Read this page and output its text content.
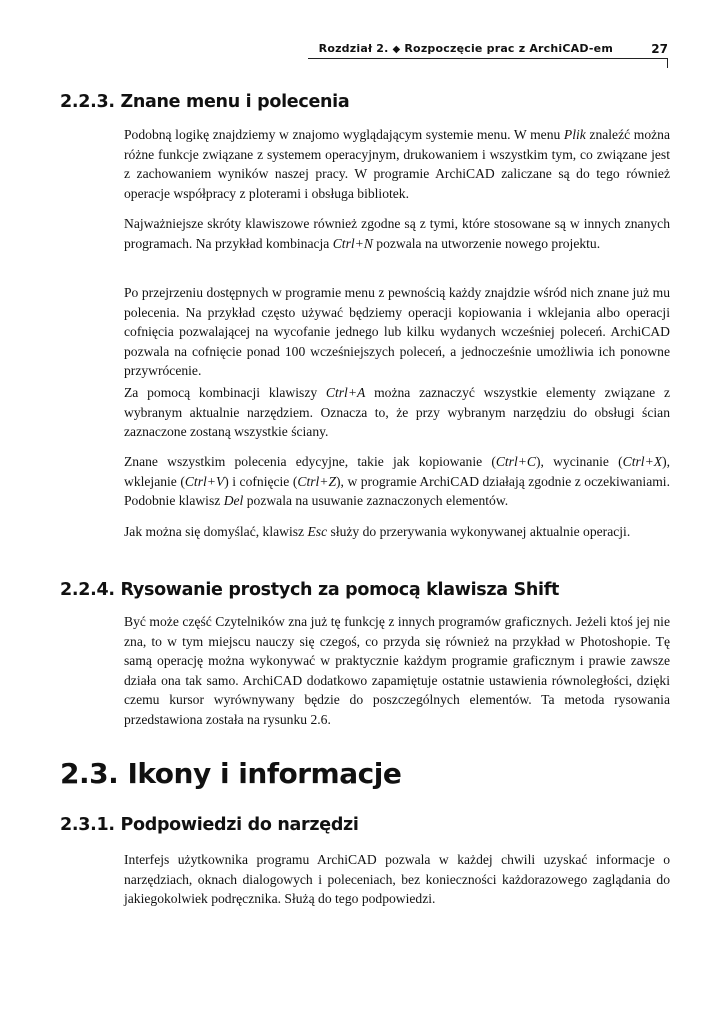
Rozdział 2. ◆ Rozpoczęcie prac z ArchiCAD-em	27
2.2.3. Znane menu i polecenia
Podobną logikę znajdziemy w znajomo wyglądającym systemie menu. W menu Plik znaleźć można różne funkcje związane z systemem operacyjnym, drukowaniem i wszystkim tym, co związane jest z zachowaniem wyników naszej pracy. W programie ArchiCAD zaliczane są do tego również operacje współpracy z ploterami i obsługa bibliotek.
Najważniejsze skróty klawiszowe również zgodne są z tymi, które stosowane są w innych znanych programach. Na przykład kombinacja Ctrl+N pozwala na utworzenie nowego projektu.
Po przejrzeniu dostępnych w programie menu z pewnością każdy znajdzie wśród nich znane już mu polecenia. Na przykład często używać będziemy operacji kopiowania i wklejania albo operacji cofnięcia pozwalającej na wycofanie jednego lub kilku wydanych wcześniej poleceń. ArchiCAD pozwala na cofnięcie ponad 100 wcześniejszych poleceń, a jednocześnie umożliwia ich ponowne przywrócenie.
Za pomocą kombinacji klawiszy Ctrl+A można zaznaczyć wszystkie elementy związane z wybranym aktualnie narzędziem. Oznacza to, że przy wybranym narzędziu do obsługi ścian zaznaczone zostaną wszystkie ściany.
Znane wszystkim polecenia edycyjne, takie jak kopiowanie (Ctrl+C), wycinanie (Ctrl+X), wklejanie (Ctrl+V) i cofnięcie (Ctrl+Z), w programie ArchiCAD działają zgodnie z oczekiwaniami. Podobnie klawisz Del pozwala na usuwanie zaznaczonych elementów.
Jak można się domyślać, klawisz Esc służy do przerywania wykonywanej aktualnie operacji.
2.2.4. Rysowanie prostych za pomocą klawisza Shift
Być może część Czytelników zna już tę funkcję z innych programów graficznych. Jeżeli ktoś jej nie zna, to w tym miejscu nauczy się czegoś, co przyda się również na przykład w Photoshopie. Tę samą operację można wykonywać w praktycznie każdym programie graficznym i prawie zawsze działa ona tak samo. ArchiCAD dodatkowo zapamiętuje ostatnie ustawienia równoległości, dzięki czemu kursor wyrównywany będzie do poszczególnych elementów. Ta metoda rysowania przedstawiona została na rysunku 2.6.
2.3. Ikony i informacje
2.3.1. Podpowiedzi do narzędzi
Interfejs użytkownika programu ArchiCAD pozwala w każdej chwili uzyskać informacje o narzędziach, oknach dialogowych i poleceniach, bez konieczności każdorazowego zaglądania do jakiegokolwiek podręcznika. Służą do tego podpowiedzi.
